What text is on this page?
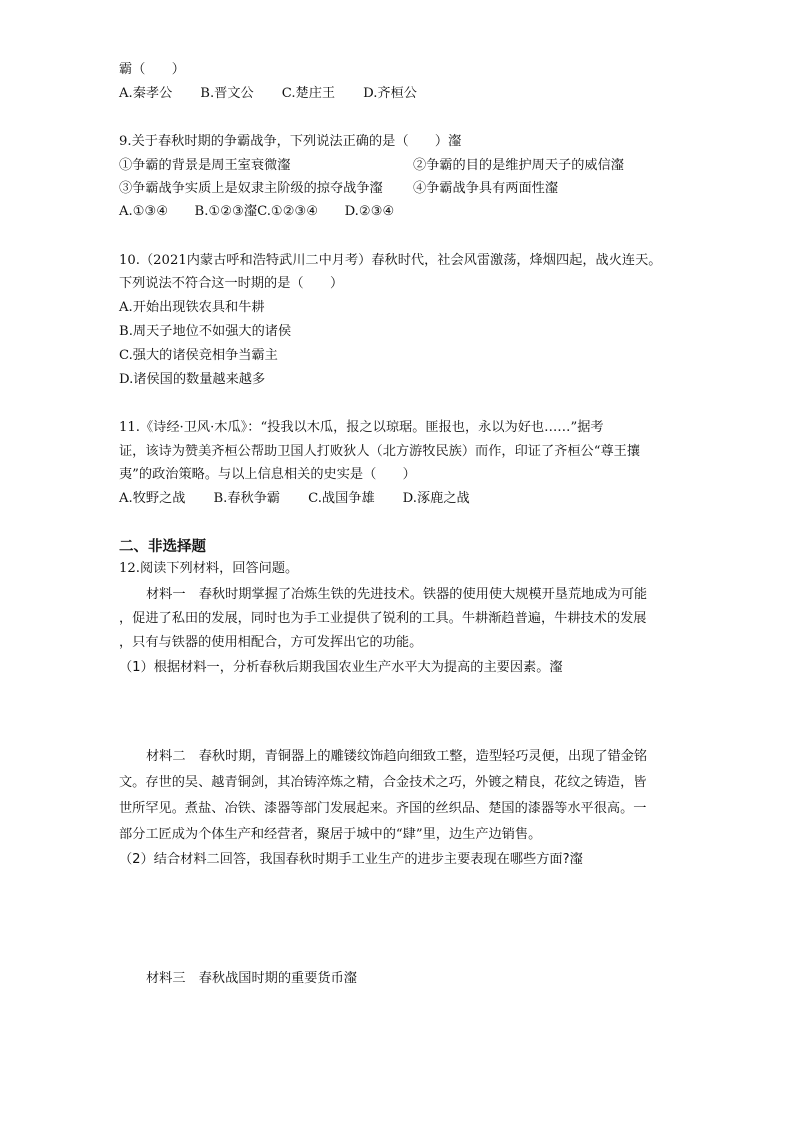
霸（　　）
A.秦孝公 B.晋文公 C.楚庄王 D.齐桓公
9.关于春秋时期的争霸战争，下列说法正确的是（　　）瀣
①争霸的背景是周王室衰微瀣	②争霸的目的是维护周天子的威信瀣
③争霸战争实质上是奴隶主阶级的掠夺战争瀣 ④争霸战争具有两面性瀣
A.①③④　　B.①②③瀣C.①②③④　　D.②③④
10.（2021内蒙古呼和浩特武川二中月考）春秋时代，社会风雷激荡，烽烟四起，战火连天。
下列说法不符合这一时期的是（　　）
A.开始出现铁农具和牛耕
B.周天子地位不如强大的诸侯
C.强大的诸侯竞相争当霸主
D.诸侯国的数量越来越多
11.《诗经·卫风·木瓜》：“投我以木瓜，报之以琼琚。匪报也，永以为好也……”据考
证，该诗为赞美齐桓公帮助卫国人打败狄人（北方游牧民族）而作，印证了齐桓公“尊王攘
夷”的政治策略。与以上信息相关的史实是（　　）
A.牧野之战 B.春秋争霸 C.战国争雄 D.涿鹿之战
二、非选择题
12.阅读下列材料，回答问题。
材料一　春秋时期掌握了冶炼生铁的先进技术。铁器的使用使大规模开垦荒地成为可能
，促进了私田的发展，同时也为手工业提供了锐利的工具。牛耕渐趋普遍，牛耕技术的发展
，只有与铁器的使用相配合，方可发挥出它的功能。
（1）根据材料一，分析春秋后期我国农业生产水平大为提高的主要因素。瀣
材料二　春秋时期，青铜器上的雕镂纹饰趋向细致工整，造型轻巧灵便，出现了错金铭
文。存世的吴、越青铜剑，其冶铸淬炼之精，合金技术之巧，外镀之精良，花纹之铸造，皆
世所罕见。煮盐、冶铁、漆器等部门发展起来。齐国的丝织品、楚国的漆器等水平很高。一
部分工匠成为个体生产和经营者，聚居于城中的“肆”里，边生产边销售。
（2）结合材料二回答，我国春秋时期手工业生产的进步主要表现在哪些方面?瀣
材料三　春秋战国时期的重要货币瀣
